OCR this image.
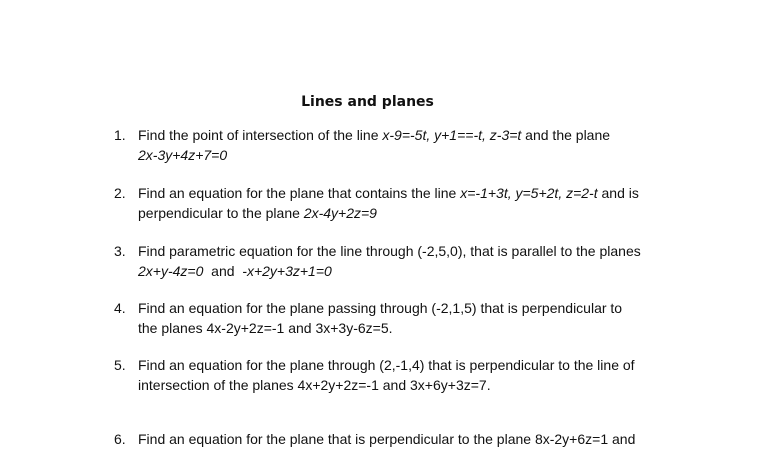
Lines and planes
1. Find the point of intersection of the line x-9=-5t, y+1==-t, z-3=t and the plane
2x-3y+4z+7=0
2. Find an equation for the plane that contains the line x=-1+3t, y=5+2t, z=2-t and is
perpendicular to the plane 2x-4y+2z=9
3. Find parametric equation for the line through (-2,5,0), that is parallel to the planes
2x+y-4z=0  and  -x+2y+3z+1=0
4. Find an equation for the plane passing through (-2,1,5) that is perpendicular to
the planes 4x-2y+2z=-1 and 3x+3y-6z=5.
5. Find an equation for the plane through (2,-1,4) that is perpendicular to the line of
intersection of the planes 4x+2y+2z=-1 and 3x+6y+3z=7.
6. Find an equation for the plane that is perpendicular to the plane 8x-2y+6z=1 and
